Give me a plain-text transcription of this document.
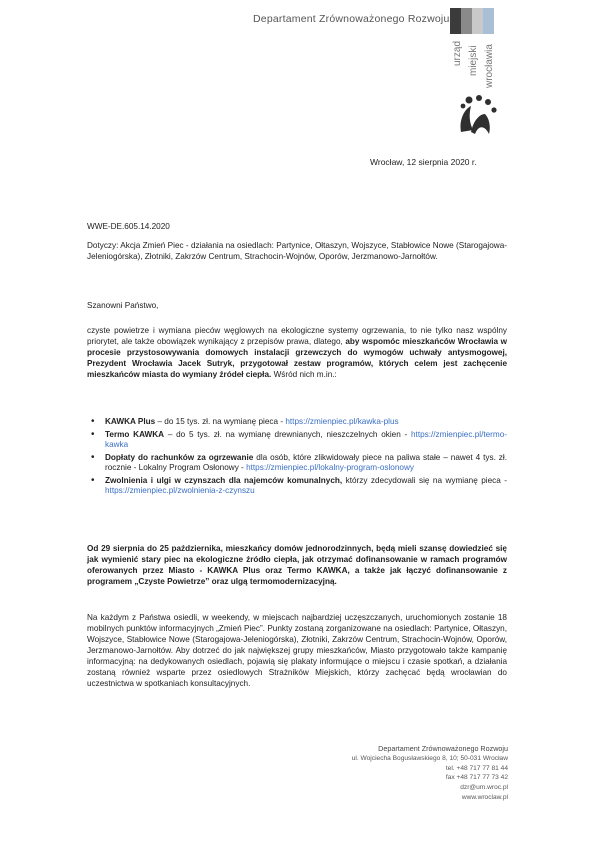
Departament Zrównoważonego Rozwoju
urząd miejski wrocławia
Wrocław, 12 sierpnia 2020 r.
WWE-DE.605.14.2020
Dotyczy: Akcja Zmień Piec - działania na osiedlach: Partynice, Ołtaszyn, Wojszyce, Stabłowice Nowe (Starogajowa-Jeleniogórska), Złotniki, Zakrzów Centrum, Strachocin-Wojnów, Oporów, Jerzmanowo-Jarnołtów.
Szanowni Państwo,
czyste powietrze i wymiana pieców węglowych na ekologiczne systemy ogrzewania, to nie tylko nasz wspólny priorytet, ale także obowiązek wynikający z przepisów prawa, dlatego, aby wspomóc mieszkańców Wrocławia w procesie przystosowywania domowych instalacji grzewczych do wymogów uchwały antysmogowej, Prezydent Wrocławia Jacek Sutryk, przygotował zestaw programów, których celem jest zachęcenie mieszkańców miasta do wymiany źródeł ciepła. Wśród nich m.in.:
• KAWKA Plus – do 15 tys. zł. na wymianę pieca - https://zmienpiec.pl/kawka-plus
• Termo KAWKA – do 5 tys. zł. na wymianę drewnianych, nieszczelnych okien - https://zmienpiec.pl/termo-kawka
• Dopłaty do rachunków za ogrzewanie dla osób, które zlikwidowały piece na paliwa stałe – nawet 4 tys. zł. rocznie - Lokalny Program Osłonowy - https://zmienpiec.pl/lokalny-program-oslonowy
• Zwolnienia i ulgi w czynszach dla najemców komunalnych, którzy zdecydowali się na wymianę pieca - https://zmienpiec.pl/zwolnienia-z-czynszu
Od 29 sierpnia do 25 października, mieszkańcy domów jednorodzinnych, będą mieli szansę dowiedzieć się jak wymienić stary piec na ekologiczne źródło ciepła, jak otrzymać dofinansowanie w ramach programów oferowanych przez Miasto - KAWKA Plus oraz Termo KAWKA, a także jak łączyć dofinansowanie z programem „Czyste Powietrze” oraz ulgą termomodernizacyjną.
Na każdym z Państwa osiedli, w weekendy, w miejscach najbardziej uczęszczanych, uruchomionych zostanie 18 mobilnych punktów informacyjnych „Zmień Piec”. Punkty zostaną zorganizowane na osiedlach: Partynice, Ołtaszyn, Wojszyce, Stabłowice Nowe (Starogajowa-Jeleniogórska), Złotniki, Zakrzów Centrum, Strachocin-Wojnów, Oporów, Jerzmanowo-Jarnołtów. Aby dotrzeć do jak największej grupy mieszkańców, Miasto przygotowało także kampanię informacyjną: na dedykowanych osiedlach, pojawią się plakaty informujące o miejscu i czasie spotkań, a działania zostaną również wsparte przez osiedlowych Strażników Miejskich, którzy zachęcać będą wrocławian do uczestnictwa w spotkaniach konsultacyjnych.
Departament Zrównoważonego Rozwoju
ul. Wojciecha Bogusławskiego 8, 10; 50-031 Wrocław
tel. +48 717 77 81 44
fax +48 717 77 73 42
dzr@um.wroc.pl
www.wroclaw.pl
